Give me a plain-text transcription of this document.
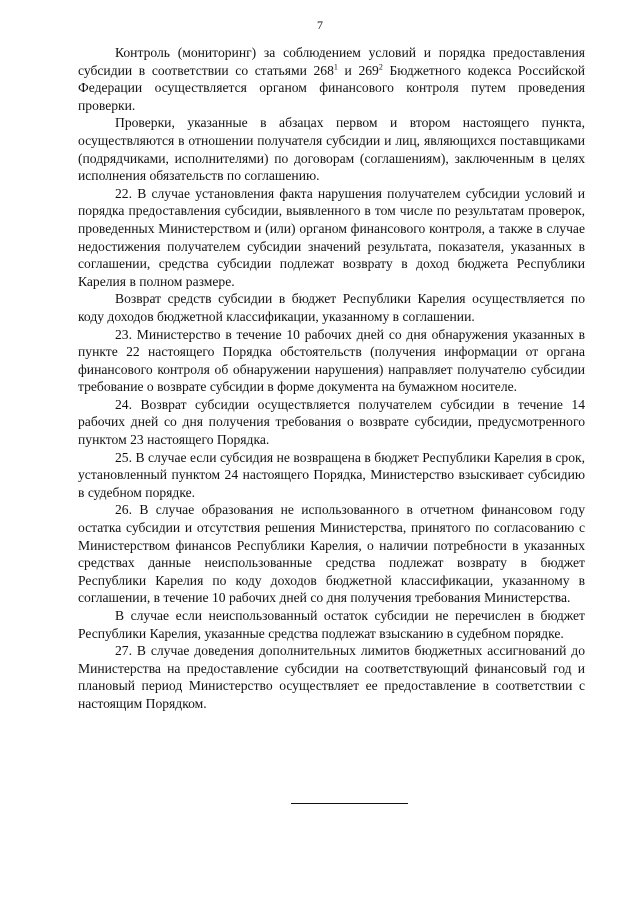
7

Контроль (мониторинг) за соблюдением условий и порядка предоставления субсидии в соответствии со статьями $268^1$ и $269^2$ Бюджетного кодекса Российской Федерации осуществляется органом финансового контроля путем проведения проверки.

Проверки, указанные в абзацах первом и втором настоящего пункта, осуществляются в отношении получателя субсидии и лиц, являющихся поставщиками (подрядчиками, исполнителями) по договорам (соглашениям), заключенным в целях исполнения обязательств по соглашению.

22. В случае установления факта нарушения получателем субсидии условий и порядка предоставления субсидии, выявленного в том числе по результатам проверок, проведенных Министерством и (или) органом финансового контроля, а также в случае недостижения получателем субсидии значений результата, показателя, указанных в соглашении, средства субсидии подлежат возврату в доход бюджета Республики Карелия в полном размере.

Возврат средств субсидии в бюджет Республики Карелия осуществляется по коду доходов бюджетной классификации, указанному в соглашении.

23. Министерство в течение 10 рабочих дней со дня обнаружения указанных в пункте 22 настоящего Порядка обстоятельств (получения информации от органа финансового контроля об обнаружении нарушения) направляет получателю субсидии требование о возврате субсидии в форме документа на бумажном носителе.

24. Возврат субсидии осуществляется получателем субсидии в течение 14 рабочих дней со дня получения требования о возврате субсидии, предусмотренного пунктом 23 настоящего Порядка.

25. В случае если субсидия не возвращена в бюджет Республики Карелия в срок, установленный пунктом 24 настоящего Порядка, Министерство взыскивает субсидию в судебном порядке.

26. В случае образования не использованного в отчетном финансовом году остатка субсидии и отсутствия решения Министерства, принятого по согласованию с Министерством финансов Республики Карелия, о наличии потребности в указанных средствах данные неиспользованные средства подлежат возврату в бюджет Республики Карелия по коду доходов бюджетной классификации, указанному в соглашении, в течение 10 рабочих дней со дня получения требования Министерства.

В случае если неиспользованный остаток субсидии не перечислен в бюджет Республики Карелия, указанные средства подлежат взысканию в судебном порядке.

27. В случае доведения дополнительных лимитов бюджетных ассигнований до Министерства на предоставление субсидии на соответствующий финансовый год и плановый период Министерство осуществляет ее предоставление в соответствии с настоящим Порядком.
